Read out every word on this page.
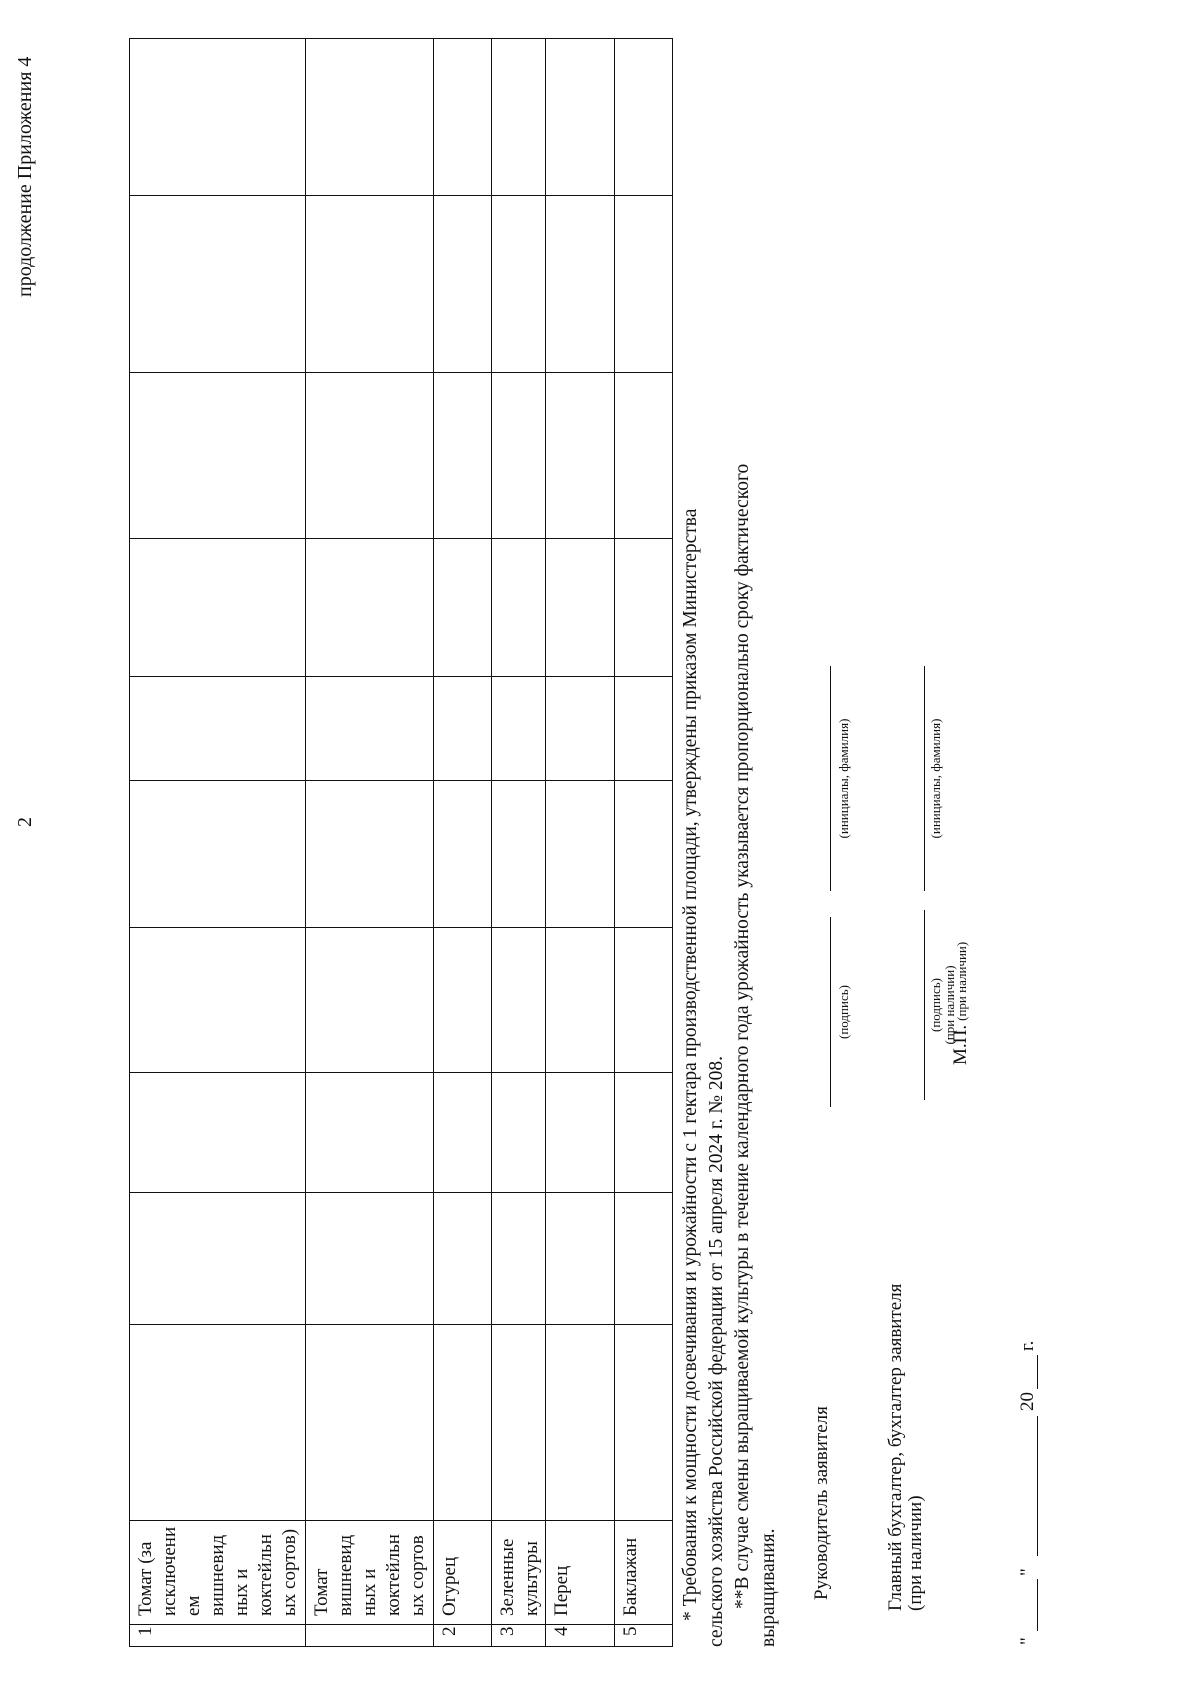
продолжение Приложения 4
2
1	Томат (за исключени ем вишневид ных и коктейльн ых сортов)										

	Томат вишневид ных и коктейльн ых сортов										

2	Огурец										

3	Зеленные культуры										

4	Перец										

5	Баклажан										
										* Требования к мощности досвечивания и урожайности с 1 гектара производственной площади, утверждены приказом Министерства сельского хозяйства Российской федерации от 15 апреля 2024 г. № 208. **В случае смены выращиваемой культуры в течение календарного года урожайность указывается пропорционально сроку фактического выращивания. Руководитель заявителя
(подпись)
(инициалы, фамилия)
Главный бухгалтер, бухгалтер заявителя (при наличии)
(подпись) (при наличии)
(инициалы, фамилия)
М.П. (при наличии)
"
"
20
г.
